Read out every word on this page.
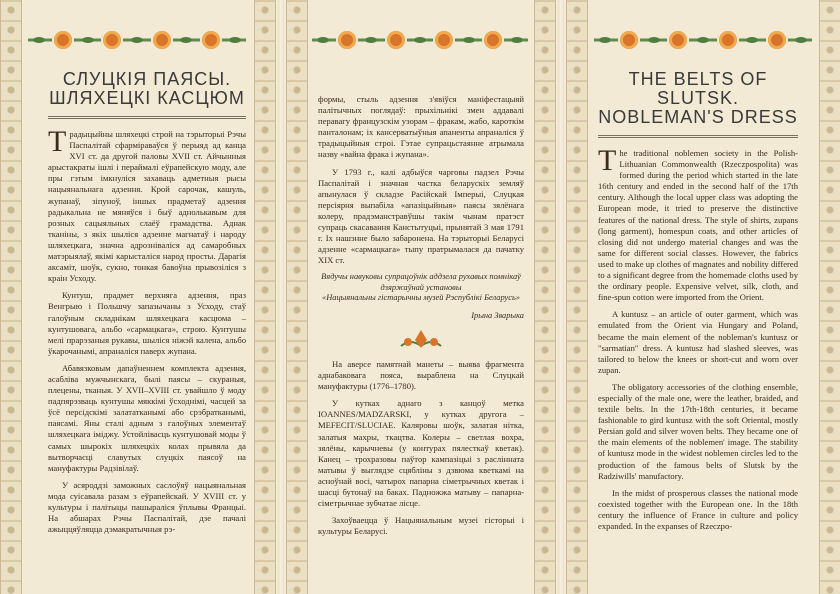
СЛУЦКІЯ ПАЯСЫ.
ШЛЯХЕЦКІ КАСЦЮМ

Традыцыйны шляхецкі строй на тэрыторыі Рэчы Паспалітай сфарміраваўся ў перыяд ад канца XVI ст. да другой паловы XVII ст. Айчынныя арыстакраты ішлі і пераймалі еўрапейскую моду, але пры гэтым імкнуліся захаваць адметныя рысы нацыянальнага адзення. Крой сарочак, кашуль, жупанаў, зіпуноў, іншых прадметаў адзення радыкальна не мяняўся і быў аднолькавым для розных сацыяльных слаёў грамадства. Аднак тканіны, з якіх шыліся адзенне магнатаў і народу шляхецкага, значна адрозніваліся ад самаробных матэрыялаў, якімі карысталіся народ просты. Дарагія аксаміт, шоўк, сукно, тонкая бавоўна прывозіліся з краін Усходу.

Кунтуш, прадмет верхняга адзення, праз Венгрыю і Польшчу запазычаны з Усходу, стаў галоўным складнікам шляхецкага касцюма – кунтушовага, альбо «сармацкага», строю. Кунтушы мелі прарэзаныя рукавы, шыліся ніжэй калена, альбо ўкарочанымі, апраналіся паверх жупана.

Абавязковым дапаўненнем комплекта адзення, асабліва мужчынскага, былі паясы – скураныя, плецены, тканыя. У XVII–XVIII ст. увайшло ў моду падпярэзваць кунтушы мяккімі ўсходнімі, часцей за ўсё персідскімі залататканымі або срэбратканымі, паясамі. Яны сталі адным з галоўных элементаў шляхецкага іміджу. Устойлівасць кунтушовай моды ў самых шырокіх шляхецкіх колах прывяла да вытворчасці славутых слуцкіх паясоў на мануфактуры Радзівілаў.

У асяроддзі заможных саслоўяў нацыянальная мода суісавала разам з еўрапейскай. У XVIII ст. у культуры і палітыцы пашыраліся ўплывы Францыі. На абшарах Рэчы Паспалітай, дзе пачалі ажыццяўляцца дэмакратычныя рэ-

формы, стыль адзення з'явіўся маніфестацыяй палітычных поглядаў: прыхільнікі змен аддавалі перавагу французскім узорам – фракам, жабо, кароткім панталонам; іх кансерватыўныя апаненты апраналіся ў традыцыйныя строі. Гэтае супрацьстаянне атрымала назву «вайна фрака і жупана».

У 1793 г., калі адбыўся чарговы падзел Рэчы Паспалітай і значная частка беларускіх земляў апынулася ў складзе Расійскай Імперыі, Слуцкая персіярня выпабіла «апазіцыйныя» паясы зялёнага колеру, прадэманстравўшы такім чынам пратэст супраць скасавання Канстытуцыі, прынятай 3 мая 1791 г. Іх нашэнне было забаронена. На тэрыторыі Беларусі адзенне «сармацкага» тыпу пратрымалася да пачатку XIX ст.

Вядучы навуковы супрацоўнік аддзела рухавых помнікаў дзяржаўнай установы
«Нацыянальны гістарычны музей Рэспублікі Беларусь»
Ірына Зварыка

На аверсе памятнай манеты – выява фрагмента аднабаковага пояса, выраблена на Слуцкай мануфактуры (1776–1780).

У кутках аднаго з канцоў метка IOANNES/MADZARSKI, у кутках другога – MEFECIT/SLUCIAE. Каляровы шоўк, залатая ніткa, залатыя махры, ткацтва. Колеры – светлая вохра, зялёны, карычневы (у контурах пялесткаў кветак). Канец – трохразовы паўтор кампазіцыі з раслінната матывы ў выглядзе сцябліны з дзвюма кветкамі на асноўнай восі, чатырох пaпарна сіметрычных кветак і шасці бутонаў на баках. Падножжа матыву – папарна-сіметрычнае зубчатае лісце.

Захоўваецца ў Нацыянальным музеі гісторыі і культуры Беларусі.

THE BELTS OF SLUTSK.
NOBLEMAN'S DRESS

The traditional noblemen society in the Polish-Lithuanian Commonwealth (Rzeczpospolita) was formed during the period which started in the late 16th century and ended in the second half of the 17th century. Although the local upper class was adopting the European mode, it tried to preserve the distinctive features of the national dress. The style of shirts, zupans (long garment), homespun coats, and other articles of closing did not undergo material changes and was the same for different social classes. However, the fabrics used to make up clothes of magnates and nobility differed to a significant degree from the homemade cloths used by the ordinary people. Expensive velvet, silk, cloth, and fine-spun cotton were imported from the Orient.

A kuntusz – an article of outer garment, which was emulated from the Orient via Hungary and Poland, became the main element of the nobleman's kuntusz or "sarmatian" dress. A kuntusz had slashed sleeves, was tailored to below the knees or short-cut and worn over zupan.

The obligatory accessories of the clothing ensemble, especially of the male one, were the leather, braided, and textile belts. In the 17th-18th centuries, it became fashionable to gird kuntusz with the soft Oriental, mostly Persian gold and silver woven belts. They became one of the main elements of the noblemen' image. The stability of kuntusz mode in the widest noblemen circles led to the production of the famous belts of Slutsk by the Radziwills' manufactory.

In the midst of prosperous classes the national mode coexisted together with the European one. In the 18th century the influence of France in culture and policy expanded. In the expanses of Rzeczpo-
